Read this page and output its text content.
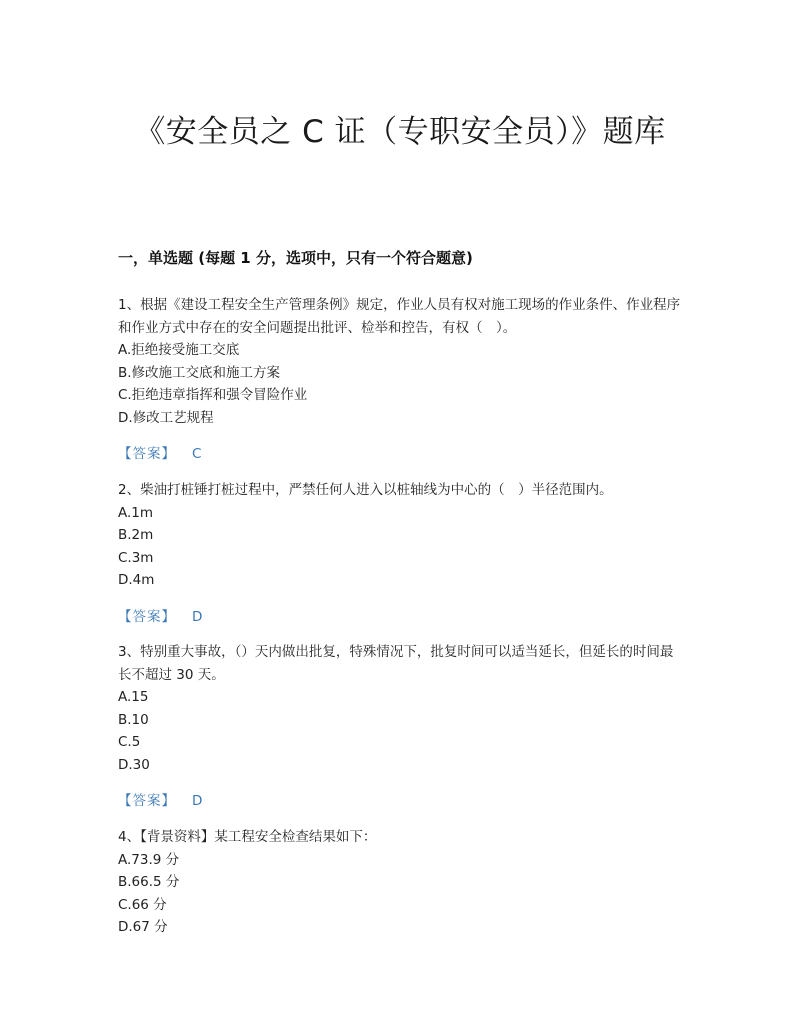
《安全员之 C 证（专职安全员）》题库
一，单选题 (每题 1 分，选项中，只有一个符合题意)

1、根据《建设工程安全生产管理条例》规定，作业人员有权对施工现场的作业条件、作业程序和作业方式中存在的安全问题提出批评、检举和控告，有权（　）。

A.拒绝接受施工交底
B.修改施工交底和施工方案
C.拒绝违章指挥和强令冒险作业
D.修改工艺规程
【答案】 C

2、柴油打桩锤打桩过程中，严禁任何人进入以桩轴线为中心的（　）半径范围内。

A.1m
B.2m
C.3m
D.4m
【答案】 D

3、特别重大事故，（）天内做出批复，特殊情况下，批复时间可以适当延长，但延长的时间最长不超过 30 天。

A.15
B.10
C.5
D.30
【答案】 D

4、【背景资料】某工程安全检查结果如下：

A.73.9 分
B.66.5 分
C.66 分
D.67 分
